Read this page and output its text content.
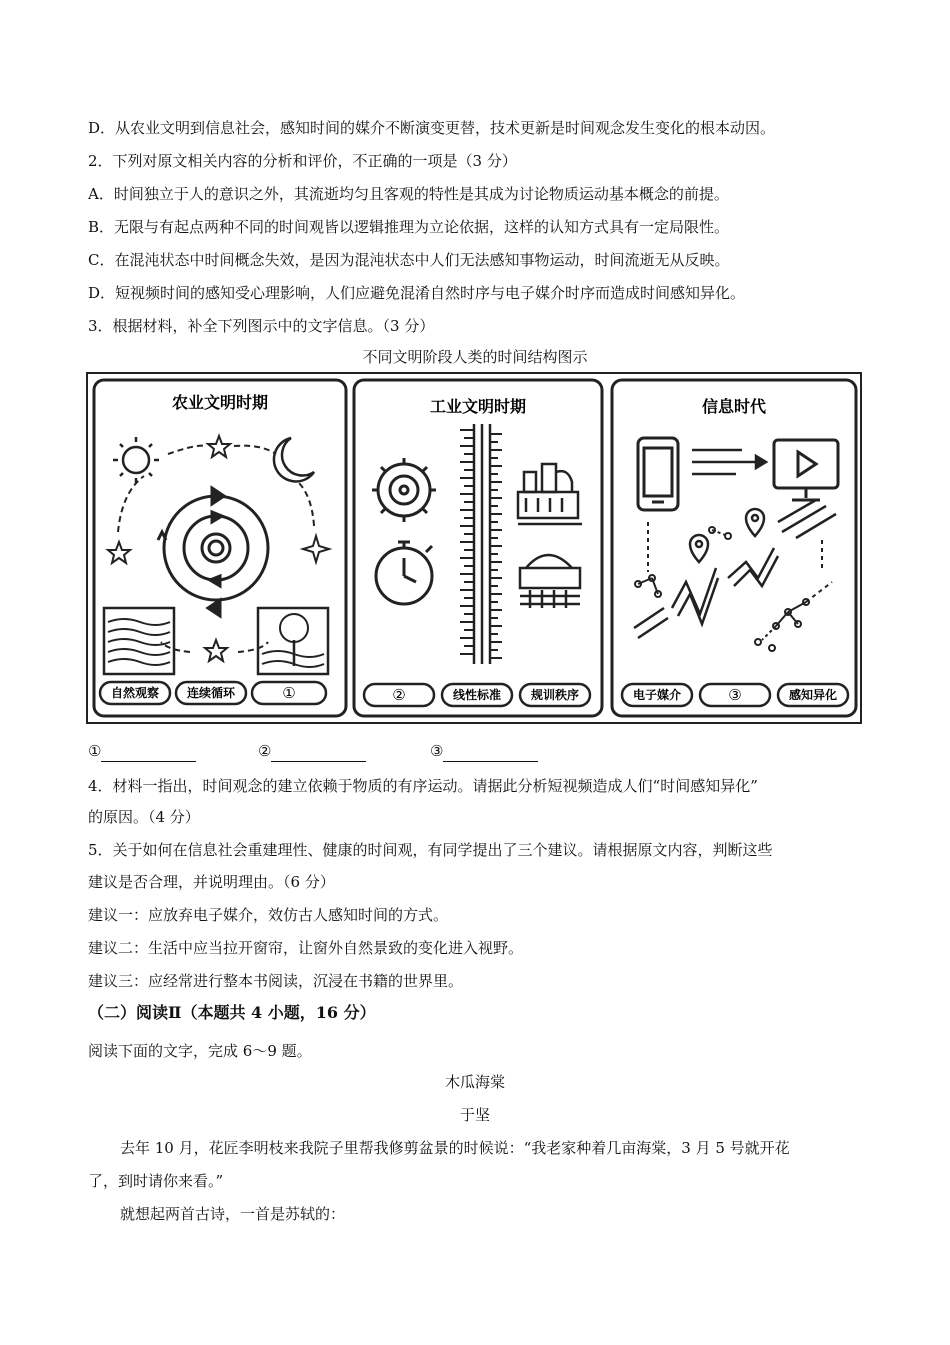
D．从农业文明到信息社会，感知时间的媒介不断演变更替，技术更新是时间观念发生变化的根本动因。
2．下列对原文相关内容的分析和评价，不正确的一项是（3 分）
A．时间独立于人的意识之外，其流逝均匀且客观的特性是其成为讨论物质运动基本概念的前提。
B．无限与有起点两种不同的时间观皆以逻辑推理为立论依据，这样的认知方式具有一定局限性。
C．在混沌状态中时间概念失效，是因为混沌状态中人们无法感知事物运动，时间流逝无从反映。
D．短视频时间的感知受心理影响，人们应避免混淆自然时序与电子媒介时序而造成时间感知异化。
3．根据材料，补全下列图示中的文字信息。（3 分）
不同文明阶段人类的时间结构图示
农业文明时期
自然观察 连续循环	①
工业文明时期
②	线性标准 规训秩序
信息时代
电子媒介	③	感知异化
①	②	③
4．材料一指出，时间观念的建立依赖于物质的有序运动。请据此分析短视频造成人们“时间感知异化”
的原因。（4 分）
5．关于如何在信息社会重建理性、健康的时间观，有同学提出了三个建议。请根据原文内容，判断这些
建议是否合理，并说明理由。（6 分）
建议一：应放弃电子媒介，效仿古人感知时间的方式。
建议二：生活中应当拉开窗帘，让窗外自然景致的变化进入视野。
建议三：应经常进行整本书阅读，沉浸在书籍的世界里。
（二）阅读Ⅱ（本题共 4 小题，16 分）
阅读下面的文字，完成 6～9 题。
木瓜海棠
于坚
去年 10 月，花匠李明枝来我院子里帮我修剪盆景的时候说：“我老家种着几亩海棠，3 月 5 号就开花
了，到时请你来看。”
就想起两首古诗，一首是苏轼的：
